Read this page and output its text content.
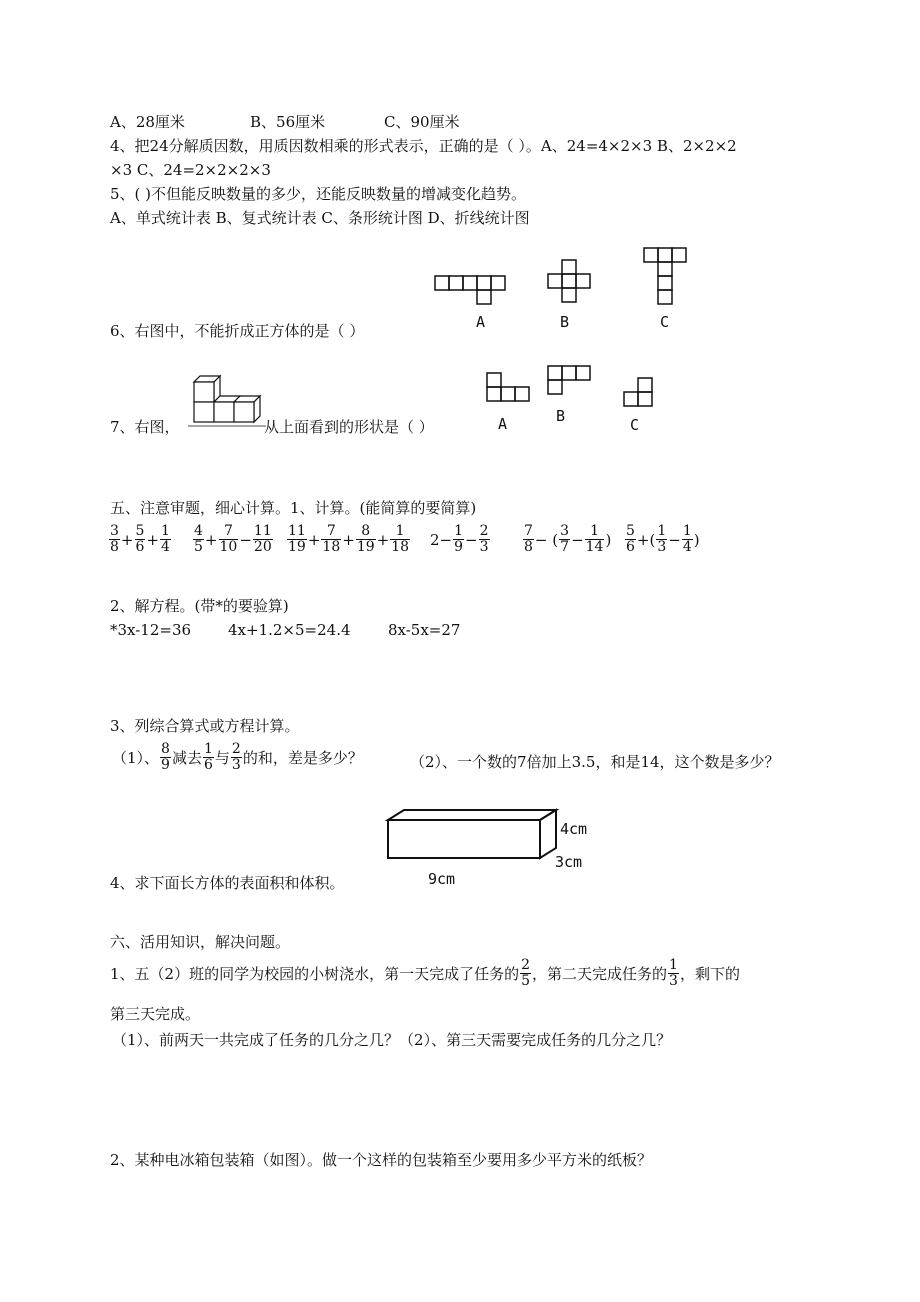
A、28厘米	B、56厘米	C、90厘米
4、把24分解质因数，用质因数相乘的形式表示，正确的是（ ）。A、24=4×2×3 B、2×2×2
×3 C、24=2×2×2×3
5、( )不但能反映数量的多少，还能反映数量的增减变化趋势。
A、单式统计表 B、复式统计表 C、条形统计图 D、折线统计图
A	B	C
6、右图中，不能折成正方体的是（ ）
7、右图，	从上面看到的形状是（ ）	A	B	C
五、注意审题，细心计算。1、计算。(能简算的要简算)
$\frac{3}{8} + \frac{5}{6} + \frac{1}{4} \frac{4}{5} + \frac{7}{10} - \frac{11}{20} \frac{11}{19} + \frac{7}{18} + \frac{8}{19} + \frac{1}{18} 2- \frac{1}{9} - \frac{2}{3} \frac{7}{8}$ − ( $\frac{3}{7} - \frac{1}{14}$ ) $\frac{5}{6}$ +( $\frac{1}{3} - \frac{1}{4}$ )
2、解方程。(带*的要验算)
*3x-12=36 4x+1.2×5=24.4 8x-5x=27
3、列综合算式或方程计算。
（1）、 $\frac{8}{9}$ 减去 $\frac{1}{6}$ 与 $\frac{2}{3}$ 的和，差是多少？	（2）、一个数的7倍加上3.5，和是14，这个数是多少？
4cm
3cm
9cm
4、求下面长方体的表面积和体积。
六、活用知识，解决问题。
1、五（2）班的同学为校园的小树浇水，第一天完成了任务的 $\frac{2}{5}$ ，第二天完成任务的 $\frac{1}{3}$ ，剩下的
第三天完成。
（1）、前两天一共完成了任务的几分之几？（2）、第三天需要完成任务的几分之几？
2、某种电冰箱包装箱（如图）。做一个这样的包装箱至少要用多少平方米的纸板？
